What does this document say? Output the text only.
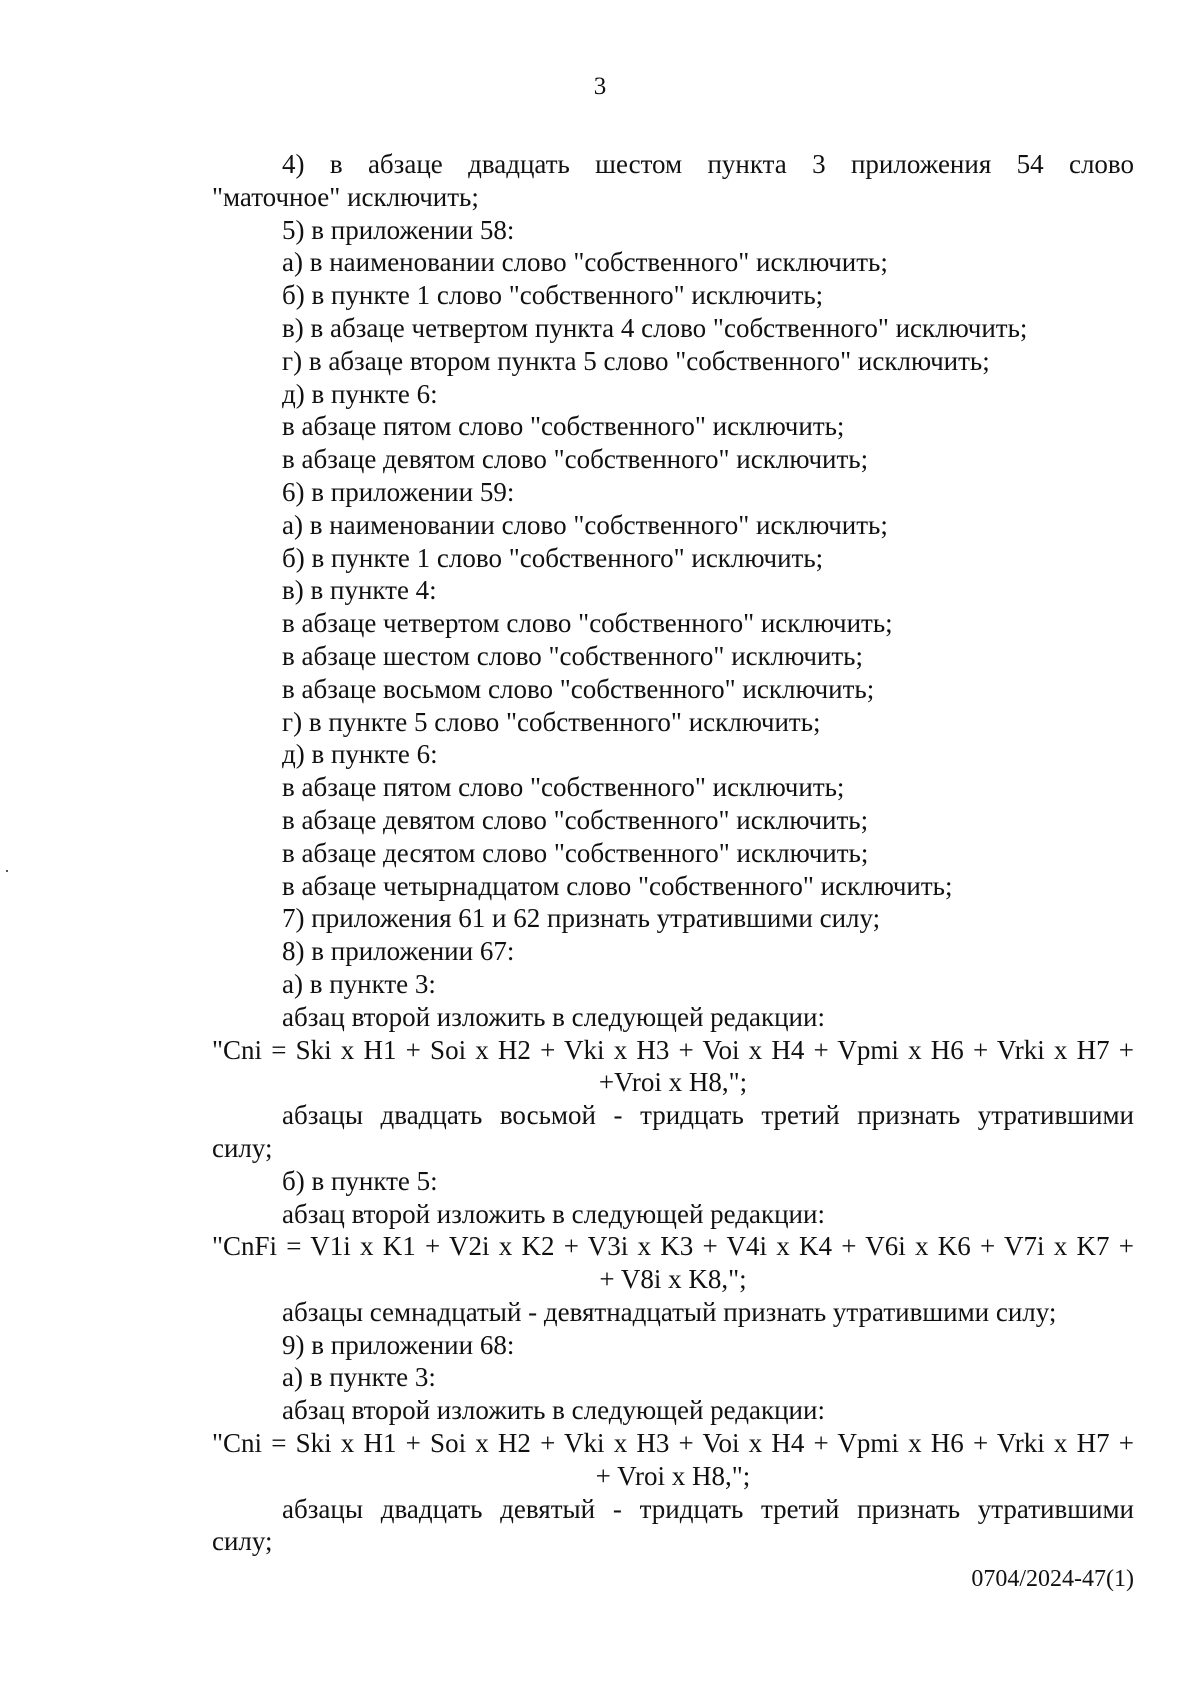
3
4) в абзаце двадцать шестом пункта 3 приложения 54 слово
"маточное" исключить;
5) в приложении 58:
а) в наименовании слово "собственного" исключить;
б) в пункте 1 слово "собственного" исключить;
в) в абзаце четвертом пункта 4 слово "собственного" исключить;
г) в абзаце втором пункта 5 слово "собственного" исключить;
д) в пункте 6:
в абзаце пятом слово "собственного" исключить;
в абзаце девятом слово "собственного" исключить;
6) в приложении 59:
а) в наименовании слово "собственного" исключить;
б) в пункте 1 слово "собственного" исключить;
в) в пункте 4:
в абзаце четвертом слово "собственного" исключить;
в абзаце шестом слово "собственного" исключить;
в абзаце восьмом слово "собственного" исключить;
г) в пункте 5 слово "собственного" исключить;
д) в пункте 6:
в абзаце пятом слово "собственного" исключить;
в абзаце девятом слово "собственного" исключить;
в абзаце десятом слово "собственного" исключить;
в абзаце четырнадцатом слово "собственного" исключить;
7) приложения 61 и 62 признать утратившими силу;
8) в приложении 67:
а) в пункте 3:
абзац второй изложить в следующей редакции:
"Cni = Ski x H1 + Soi x H2 + Vki x H3 + Voi x H4 + Vpmi x H6 + Vrki x H7 +
+Vroi x H8,";
абзацы двадцать восьмой - тридцать третий признать утратившими
силу;
б) в пункте 5:
абзац второй изложить в следующей редакции:
"CnFi = V1i x K1 + V2i x K2 + V3i x K3 + V4i x K4 + V6i x K6 + V7i x K7 +
+ V8i x K8,";
абзацы семнадцатый - девятнадцатый признать утратившими силу;
9) в приложении 68:
а) в пункте 3:
абзац второй изложить в следующей редакции:
"Cni = Ski x H1 + Soi x H2 + Vki x H3 + Voi x H4 + Vpmi x H6 + Vrki x H7 +
+ Vroi x H8,";
абзацы двадцать девятый - тридцать третий признать утратившими
силу;
0704/2024-47(1)
